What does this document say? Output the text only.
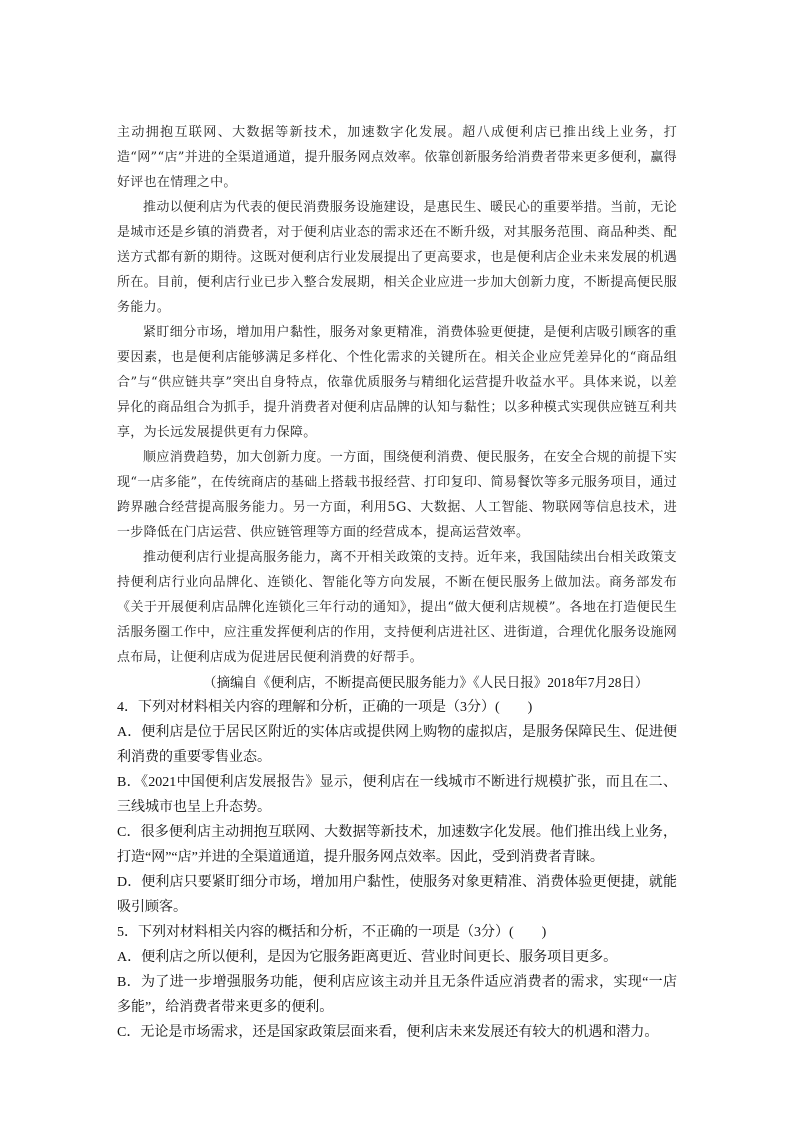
主动拥抱互联网、大数据等新技术，加速数字化发展。超八成便利店已推出线上业务，打造“网”“店”并进的全渠道通道，提升服务网点效率。依靠创新服务给消费者带来更多便利，赢得好评也在情理之中。

推动以便利店为代表的便民消费服务设施建设，是惠民生、暖民心的重要举措。当前，无论是城市还是乡镇的消费者，对于便利店业态的需求还在不断升级，对其服务范围、商品种类、配送方式都有新的期待。这既对便利店行业发展提出了更高要求，也是便利店企业未来发展的机遇所在。目前，便利店行业已步入整合发展期，相关企业应进一步加大创新力度，不断提高便民服务能力。

紧盯细分市场，增加用户黏性，服务对象更精准，消费体验更便捷，是便利店吸引顾客的重要因素，也是便利店能够满足多样化、个性化需求的关键所在。相关企业应凭差异化的“商品组合”与“供应链共享”突出自身特点，依靠优质服务与精细化运营提升收益水平。具体来说，以差异化的商品组合为抓手，提升消费者对便利店品牌的认知与黏性；以多种模式实现供应链互利共享，为长远发展提供更有力保障。

顺应消费趋势，加大创新力度。一方面，围绕便利消费、便民服务，在安全合规的前提下实现“一店多能”，在传统商店的基础上搭载书报经营、打印复印、简易餐饮等多元服务项目，通过跨界融合经营提高服务能力。另一方面，利用5G、大数据、人工智能、物联网等信息技术，进一步降低在门店运营、供应链管理等方面的经营成本，提高运营效率。

推动便利店行业提高服务能力，离不开相关政策的支持。近年来，我国陆续出台相关政策支持便利店行业向品牌化、连锁化、智能化等方向发展，不断在便民服务上做加法。商务部发布《关于开展便利店品牌化连锁化三年行动的通知》，提出“做大便利店规模”。各地在打造便民生活服务圈工作中，应注重发挥便利店的作用，支持便利店进社区、进街道，合理优化服务设施网点布局，让便利店成为促进居民便利消费的好帮手。

（摘编自《便利店，不断提高便民服务能力》《人民日报》2018年7月28日）

4．下列对材料相关内容的理解和分析，正确的一项是（3分）(　　)

A．便利店是位于居民区附近的实体店或提供网上购物的虚拟店，是服务保障民生、促进便利消费的重要零售业态。

B．《2021中国便利店发展报告》显示，便利店在一线城市不断进行规模扩张，而且在二、三线城市也呈上升态势。

C．很多便利店主动拥抱互联网、大数据等新技术，加速数字化发展。他们推出线上业务，打造“网”“店”并进的全渠道通道，提升服务网点效率。因此，受到消费者青睐。

D．便利店只要紧盯细分市场，增加用户黏性，使服务对象更精准、消费体验更便捷，就能吸引顾客。

5．下列对材料相关内容的概括和分析，不正确的一项是（3分）(　　)

A．便利店之所以便利，是因为它服务距离更近、营业时间更长、服务项目更多。

B．为了进一步增强服务功能，便利店应该主动并且无条件适应消费者的需求，实现“一店多能”，给消费者带来更多的便利。

C．无论是市场需求，还是国家政策层面来看，便利店未来发展还有较大的机遇和潜力。
